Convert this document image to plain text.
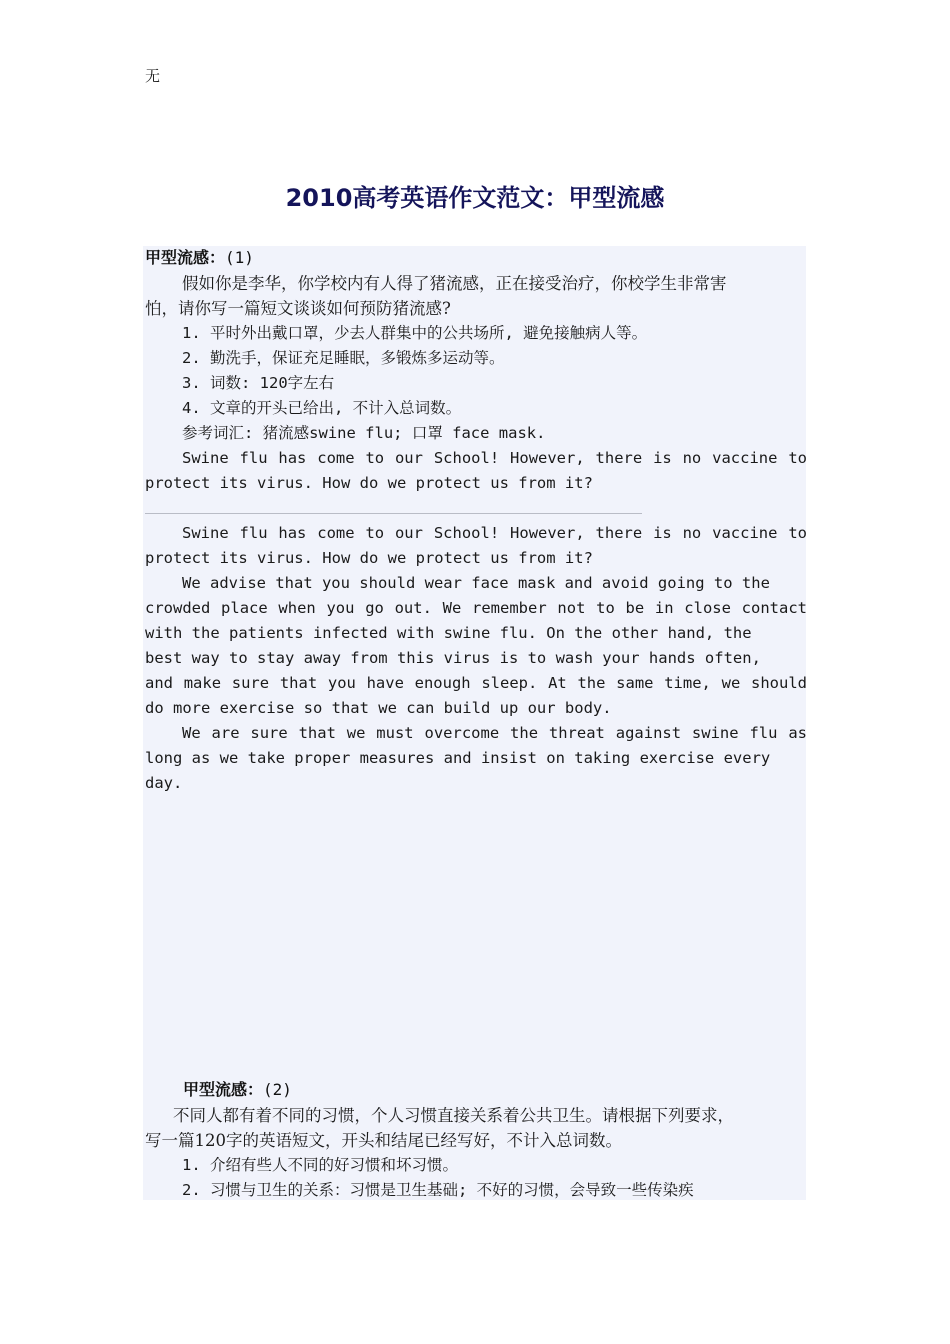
无
2010高考英语作文范文：甲型流感
甲型流感：(1)
假如你是李华，你学校内有人得了猪流感，正在接受治疗，你校学生非常害
怕，请你写一篇短文谈谈如何预防猪流感?
1. 平时外出戴口罩，少去人群集中的公共场所, 避免接触病人等。
2. 勤洗手，保证充足睡眠，多锻炼多运动等。
3. 词数: 120字左右
4. 文章的开头已给出, 不计入总词数。
参考词汇: 猪流感swine flu; 口罩 face mask.
Swine flu has come to our School! However, there is no vaccine to
protect its virus. How do we protect us from it?
Swine flu has come to our School! However, there is no vaccine to
protect its virus. How do we protect us from it?
We advise that you should wear face mask and avoid going to the
crowded place when you go out. We remember not to be in close contact
with the patients infected with swine flu. On the other hand, the
best way to stay away from this virus is to wash your hands often,
and make sure that you have enough sleep. At the same time, we should
do more exercise so that we can build up our body.
We are sure that we must overcome the threat against swine flu as
long as we take proper measures and insist on taking exercise every
day.
甲型流感：(2)
不同人都有着不同的习惯，个人习惯直接关系着公共卫生。请根据下列要求，
写一篇120字的英语短文，开头和结尾已经写好，不计入总词数。
1. 介绍有些人不同的好习惯和坏习惯。
2. 习惯与卫生的关系：习惯是卫生基础; 不好的习惯，会导致一些传染疾
